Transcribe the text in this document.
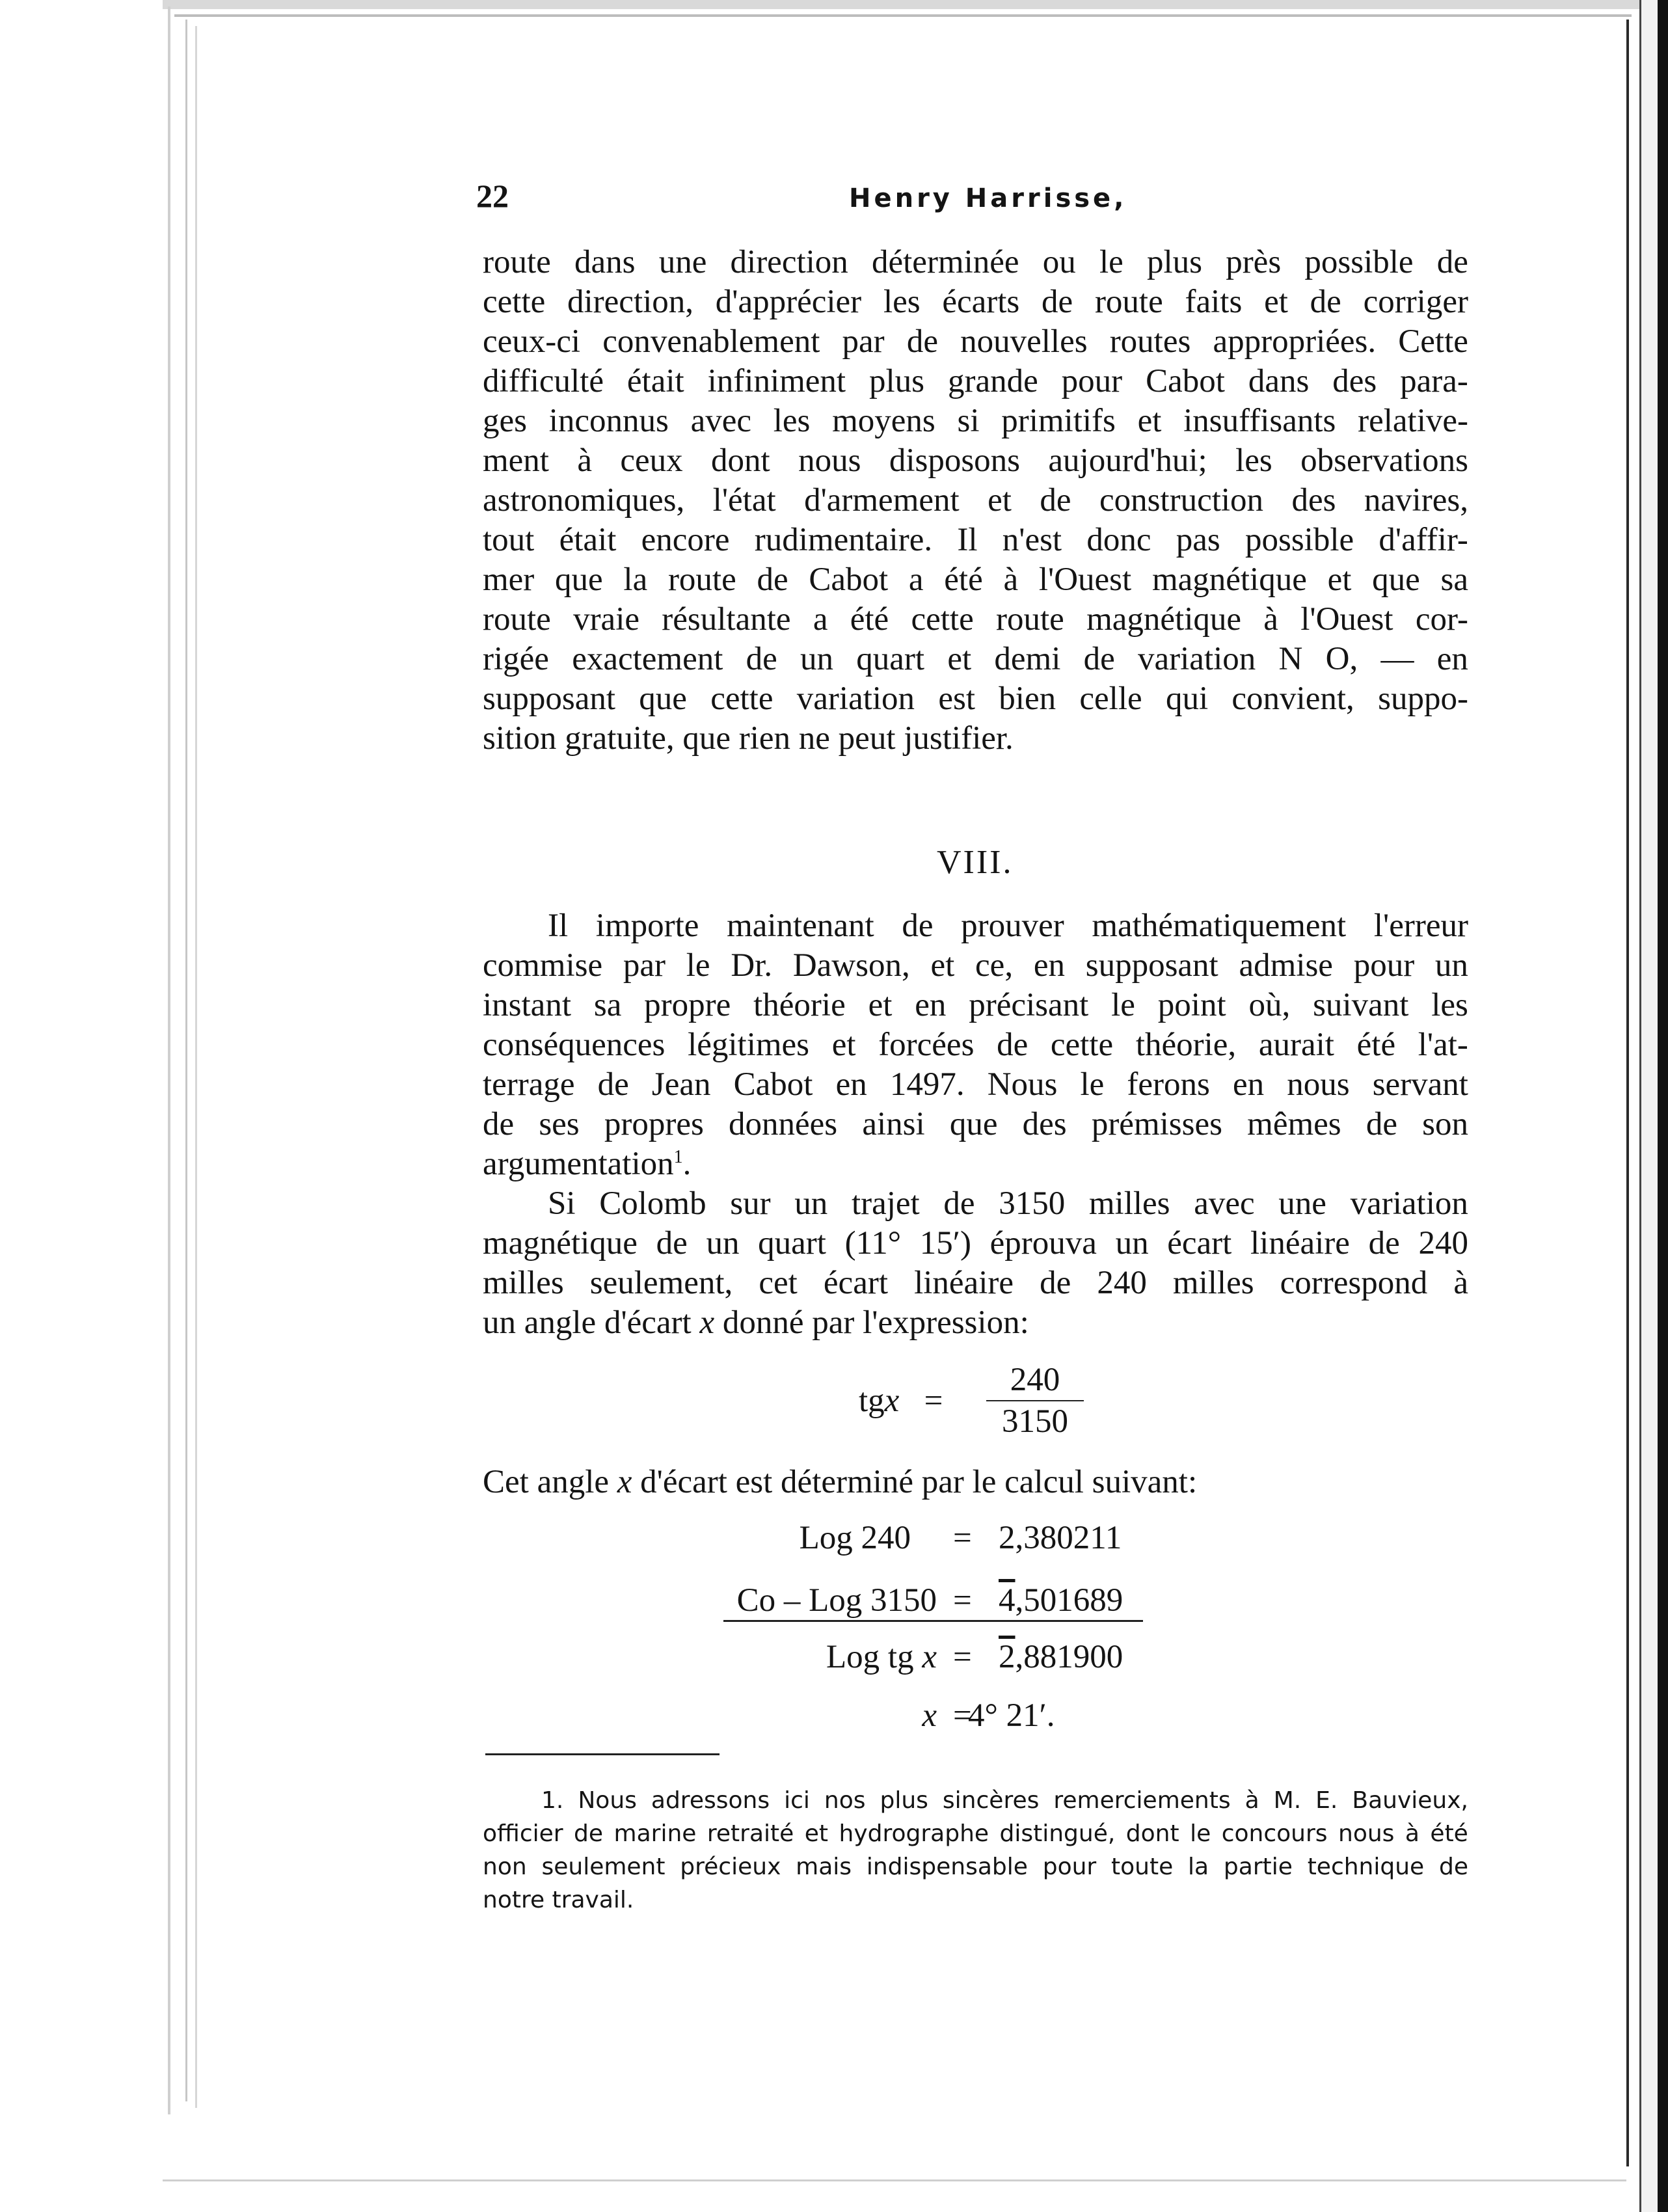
22	Henry Harrisse,
route dans une direction déterminée ou le plus près possible de
cette direction, d'apprécier les écarts de route faits et de corriger
ceux-ci convenablement par de nouvelles routes appropriées. Cette
difficulté était infiniment plus grande pour Cabot dans des para-
ges inconnus avec les moyens si primitifs et insuffisants relative-
ment à ceux dont nous disposons aujourd'hui; les observations
astronomiques, l'état d'armement et de construction des navires,
tout était encore rudimentaire. Il n'est donc pas possible d'affir-
mer que la route de Cabot a été à l'Ouest magnétique et que sa
route vraie résultante a été cette route magnétique à l'Ouest cor-
rigée exactement de un quart et demi de variation N O, — en
supposant que cette variation est bien celle qui convient, suppo-
sition gratuite, que rien ne peut justifier.
VIII.
Il importe maintenant de prouver mathématiquement l'erreur
commise par le Dr. Dawson, et ce, en supposant admise pour un
instant sa propre théorie et en précisant le point où, suivant les
conséquences légitimes et forcées de cette théorie, aurait été l'at-
terrage de Jean Cabot en 1497. Nous le ferons en nous servant
de ses propres données ainsi que des prémisses mêmes de son
argumentation$^1$.
Si Colomb sur un trajet de 3150 milles avec une variation
magnétique de un quart (11° 15′) éprouva un écart linéaire de 240
milles seulement, cet écart linéaire de 240 milles correspond à
un angle d'écart x donné par l'expression:
tgx =
240
3150
Cet angle x d'écart est déterminé par le calcul suivant:
Log 240 = 2,380211
Co – Log 3150 = 4,501689
Log tg x = 2,881900
x =
4° 21′.
1. Nous adressons ici nos plus sincères remerciements à M. E. Bauvieux,
officier de marine retraité et hydrographe distingué, dont le concours nous à été
non seulement précieux mais indispensable pour toute la partie technique de
notre travail.
